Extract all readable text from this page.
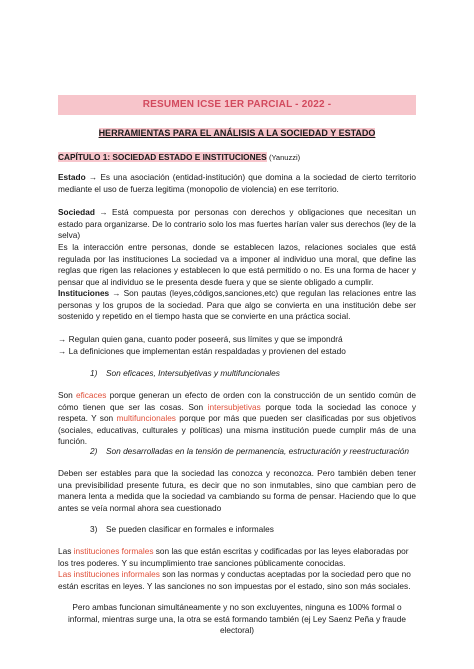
RESUMEN ICSE 1ER PARCIAL - 2022 -

HERRAMIENTAS PARA EL ANÁLISIS A LA SOCIEDAD Y ESTADO

CAPÍTULO 1: SOCIEDAD ESTADO E INSTITUCIONES (Yanuzzi)

Estado → Es una asociación (entidad-institución) que domina a la sociedad de cierto territorio mediante el uso de fuerza legitima (monopolio de violencia) en ese territorio.

Sociedad → Está compuesta por personas con derechos y obligaciones que necesitan un estado para organizarse. De lo contrario solo los mas fuertes harían valer sus derechos (ley de la selva)

Es la interacción entre personas, donde se establecen lazos, relaciones sociales que está regulada por las instituciones La sociedad va a imponer al individuo una moral, que define las reglas que rigen las relaciones y establecen lo que está permitido o no. Es una forma de hacer y pensar que al individuo se le presenta desde fuera y que se siente obligado a cumplir.

Instituciones → Son pautas (leyes,códigos,sanciones,etc) que regulan las relaciones entre las personas y los grupos de la sociedad. Para que algo se convierta en una institución debe ser sostenido y repetido en el tiempo hasta que se convierte en una práctica social.

→ Regulan quien gana, cuanto poder poseerá, sus límites y que se impondrá

→ La definiciones que implementan están respaldadas y provienen del estado

1) Son eficaces, Intersubjetivas y multifuncionales

Son eficaces porque generan un efecto de orden con la construcción de un sentido común de cómo tienen que ser las cosas. Son intersubjetivas porque toda la sociedad las conoce y respeta. Y son multifuncionales porque por más que pueden ser clasificadas por sus objetivos (sociales, educativas, culturales y políticas) una misma institución puede cumplir más de una función.

2) Son desarrolladas en la tensión de permanencia, estructuración y reestructuración

Deben ser estables para que la sociedad las conozca y reconozca. Pero también deben tener una previsibilidad presente futura, es decir que no son inmutables, sino que cambian pero de manera lenta a medida que la sociedad va cambiando su forma de pensar. Haciendo que lo que antes se veía normal ahora sea cuestionado

3) Se pueden clasificar en formales e informales

Las instituciones formales son las que están escritas y codificadas por las leyes elaboradas por los tres poderes. Y su incumplimiento trae sanciones públicamente conocidas.
Las instituciones informales son las normas y conductas aceptadas por la sociedad pero que no están escritas en leyes. Y las sanciones no son impuestas por el estado, sino son más sociales.

Pero ambas funcionan simultáneamente y no son excluyentes, ninguna es 100% formal o informal, mientras surge una, la otra se está formando también (ej Ley Saenz Peña y fraude electoral)
